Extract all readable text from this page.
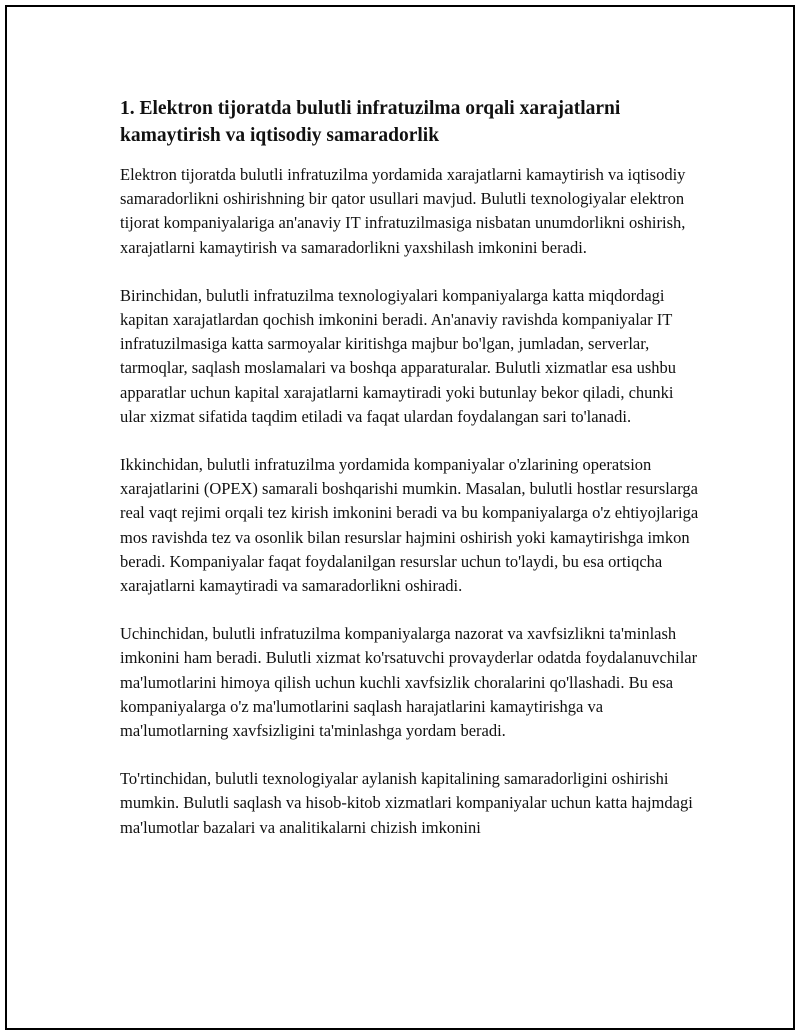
1. Elektron tijoratda bulutli infratuzilma orqali xarajatlarni kamaytirish va iqtisodiy samaradorlik

Elektron tijoratda bulutli infratuzilma yordamida xarajatlarni kamaytirish va iqtisodiy samaradorlikni oshirishning bir qator usullari mavjud. Bulutli texnologiyalar elektron tijorat kompaniyalariga an'anaviy IT infratuzilmasiga nisbatan unumdorlikni oshirish, xarajatlarni kamaytirish va samaradorlikni yaxshilash imkonini beradi.

Birinchidan, bulutli infratuzilma texnologiyalari kompaniyalarga katta miqdordagi kapitan xarajatlardan qochish imkonini beradi. An'anaviy ravishda kompaniyalar IT infratuzilmasiga katta sarmoyalar kiritishga majbur bo'lgan, jumladan, serverlar, tarmoqlar, saqlash moslamalari va boshqa apparaturalar. Bulutli xizmatlar esa ushbu apparatlar uchun kapital xarajatlarni kamaytiradi yoki butunlay bekor qiladi, chunki ular xizmat sifatida taqdim etiladi va faqat ulardan foydalangan sari to'lanadi.

Ikkinchidan, bulutli infratuzilma yordamida kompaniyalar o'zlarining operatsion xarajatlarini (OPEX) samarali boshqarishi mumkin. Masalan, bulutli hostlar resurslarga real vaqt rejimi orqali tez kirish imkonini beradi va bu kompaniyalarga o'z ehtiyojlariga mos ravishda tez va osonlik bilan resurslar hajmini oshirish yoki kamaytirishga imkon beradi. Kompaniyalar faqat foydalanilgan resurslar uchun to'laydi, bu esa ortiqcha xarajatlarni kamaytiradi va samaradorlikni oshiradi.

Uchinchidan, bulutli infratuzilma kompaniyalarga nazorat va xavfsizlikni ta'minlash imkonini ham beradi. Bulutli xizmat ko'rsatuvchi provayderlar odatda foydalanuvchilar ma'lumotlarini himoya qilish uchun kuchli xavfsizlik choralarini qo'llashadi. Bu esa kompaniyalarga o'z ma'lumotlarini saqlash harajatlarini kamaytirishga va ma'lumotlarning xavfsizligini ta'minlashga yordam beradi.

To'rtinchidan, bulutli texnologiyalar aylanish kapitalining samaradorligini oshirishi mumkin. Bulutli saqlash va hisob-kitob xizmatlari kompaniyalar uchun katta hajmdagi ma'lumotlar bazalari va analitikalarni chizish imkonini
